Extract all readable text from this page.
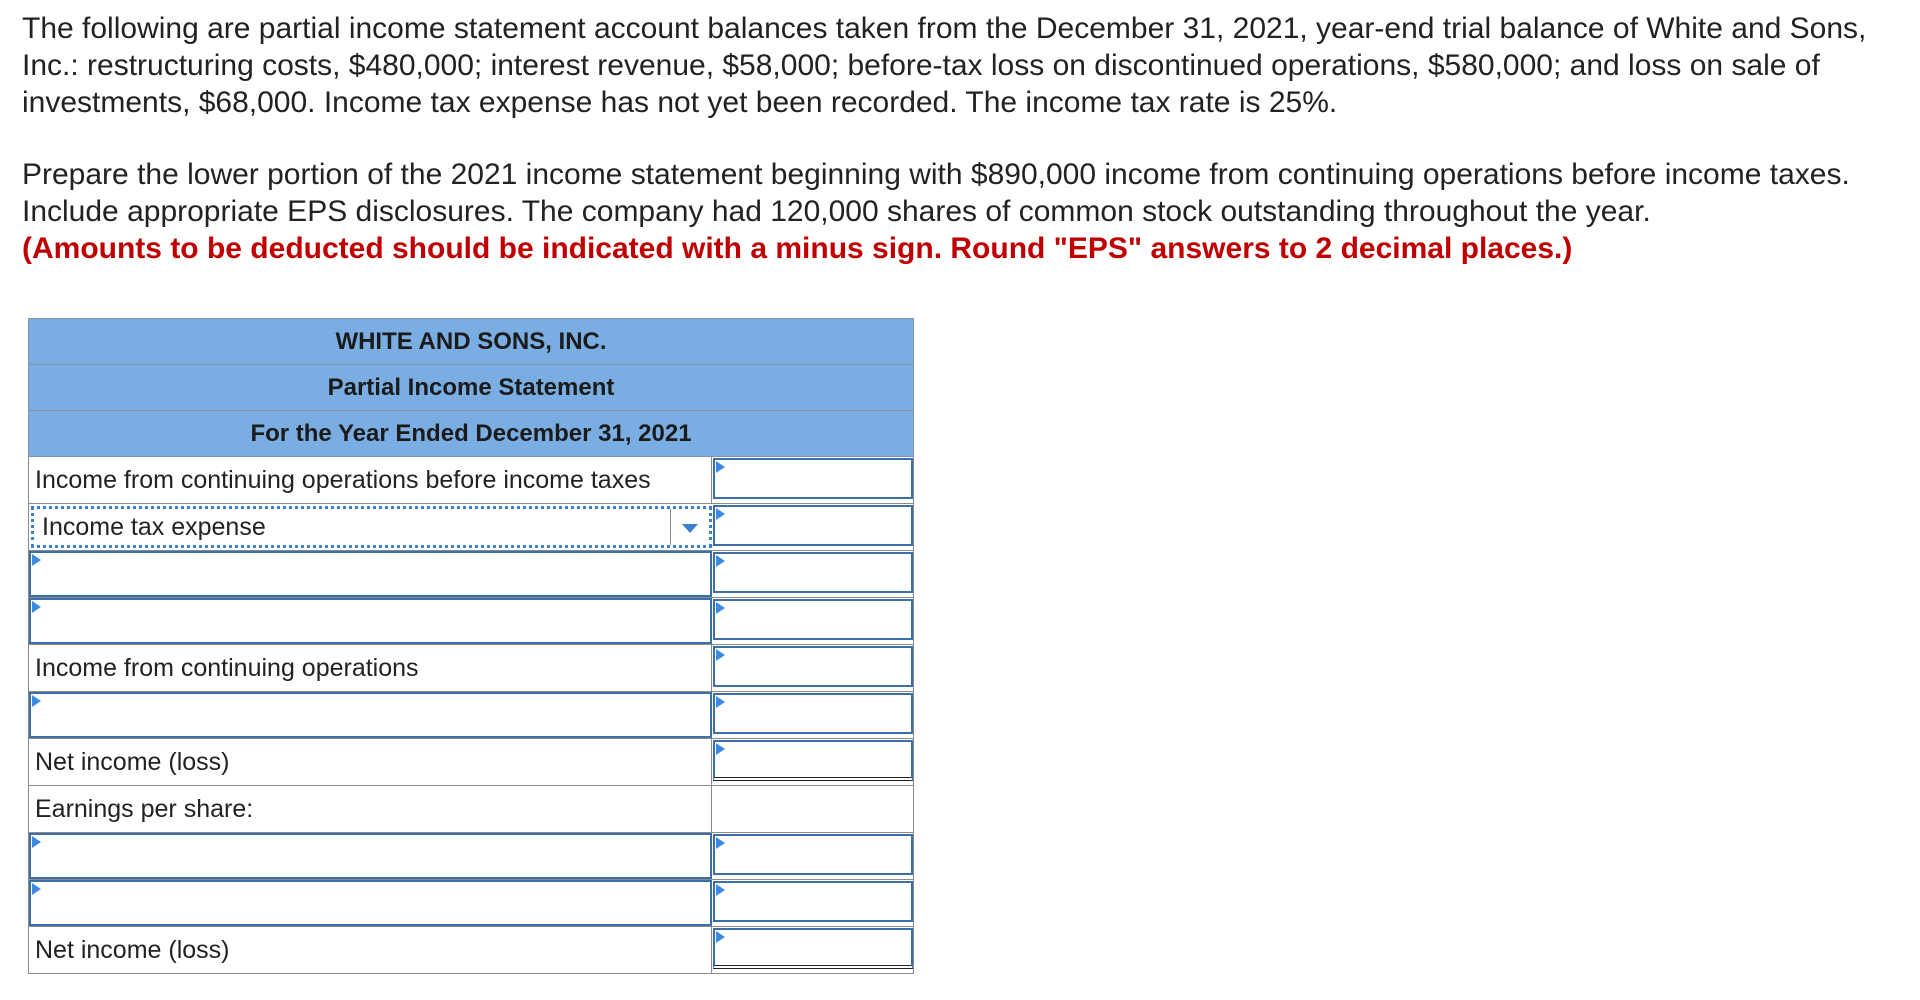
The following are partial income statement account balances taken from the December 31, 2021, year-end trial balance of White and Sons, Inc.: restructuring costs, $480,000; interest revenue, $58,000; before-tax loss on discontinued operations, $580,000; and loss on sale of investments, $68,000. Income tax expense has not yet been recorded. The income tax rate is 25%.

Prepare the lower portion of the 2021 income statement beginning with $890,000 income from continuing operations before income taxes. Include appropriate EPS disclosures. The company had 120,000 shares of common stock outstanding throughout the year.
(Amounts to be deducted should be indicated with a minus sign. Round "EPS" answers to 2 decimal places.)

WHITE AND SONS, INC.
Partial Income Statement
For the Year Ended December 31, 2021
Income from continuing operations before income taxes
Income tax expense
Income from continuing operations
Net income (loss)
Earnings per share:
Net income (loss)
